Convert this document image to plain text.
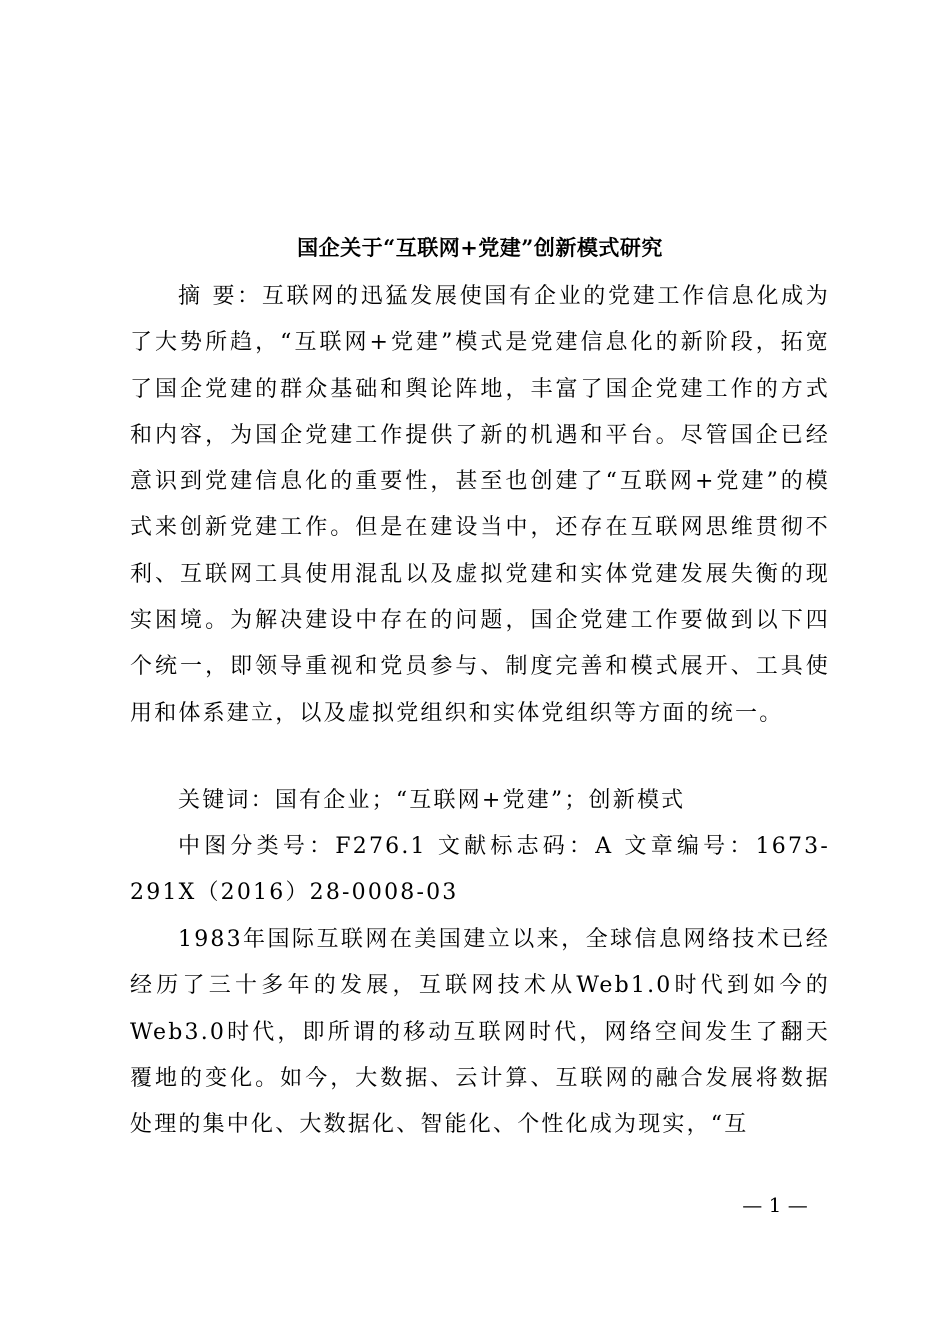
国企关于“互联网+党建”创新模式研究

摘 要：互联网的迅猛发展使国有企业的党建工作信息化成为了大势所趋，“互联网+党建”模式是党建信息化的新阶段，拓宽了国企党建的群众基础和舆论阵地，丰富了国企党建工作的方式和内容，为国企党建工作提供了新的机遇和平台。尽管国企已经意识到党建信息化的重要性，甚至也创建了“互联网+党建”的模式来创新党建工作。但是在建设当中，还存在互联网思维贯彻不利、互联网工具使用混乱以及虚拟党建和实体党建发展失衡的现实困境。为解决建设中存在的问题，国企党建工作要做到以下四个统一，即领导重视和党员参与、制度完善和模式展开、工具使用和体系建立，以及虚拟党组织和实体党组织等方面的统一。

关键词：国有企业；“互联网+党建”；创新模式

中图分类号：F276.1 文献标志码：A 文章编号：1673-291X（2016）28-0008-03

1983年国际互联网在美国建立以来，全球信息网络技术已经经历了三十多年的发展，互联网技术从Web1.0时代到如今的Web3.0时代，即所谓的移动互联网时代，网络空间发生了翻天覆地的变化。如今，大数据、云计算、互联网的融合发展将数据处理的集中化、大数据化、智能化、个性化成为现实，“互

— 1 —
